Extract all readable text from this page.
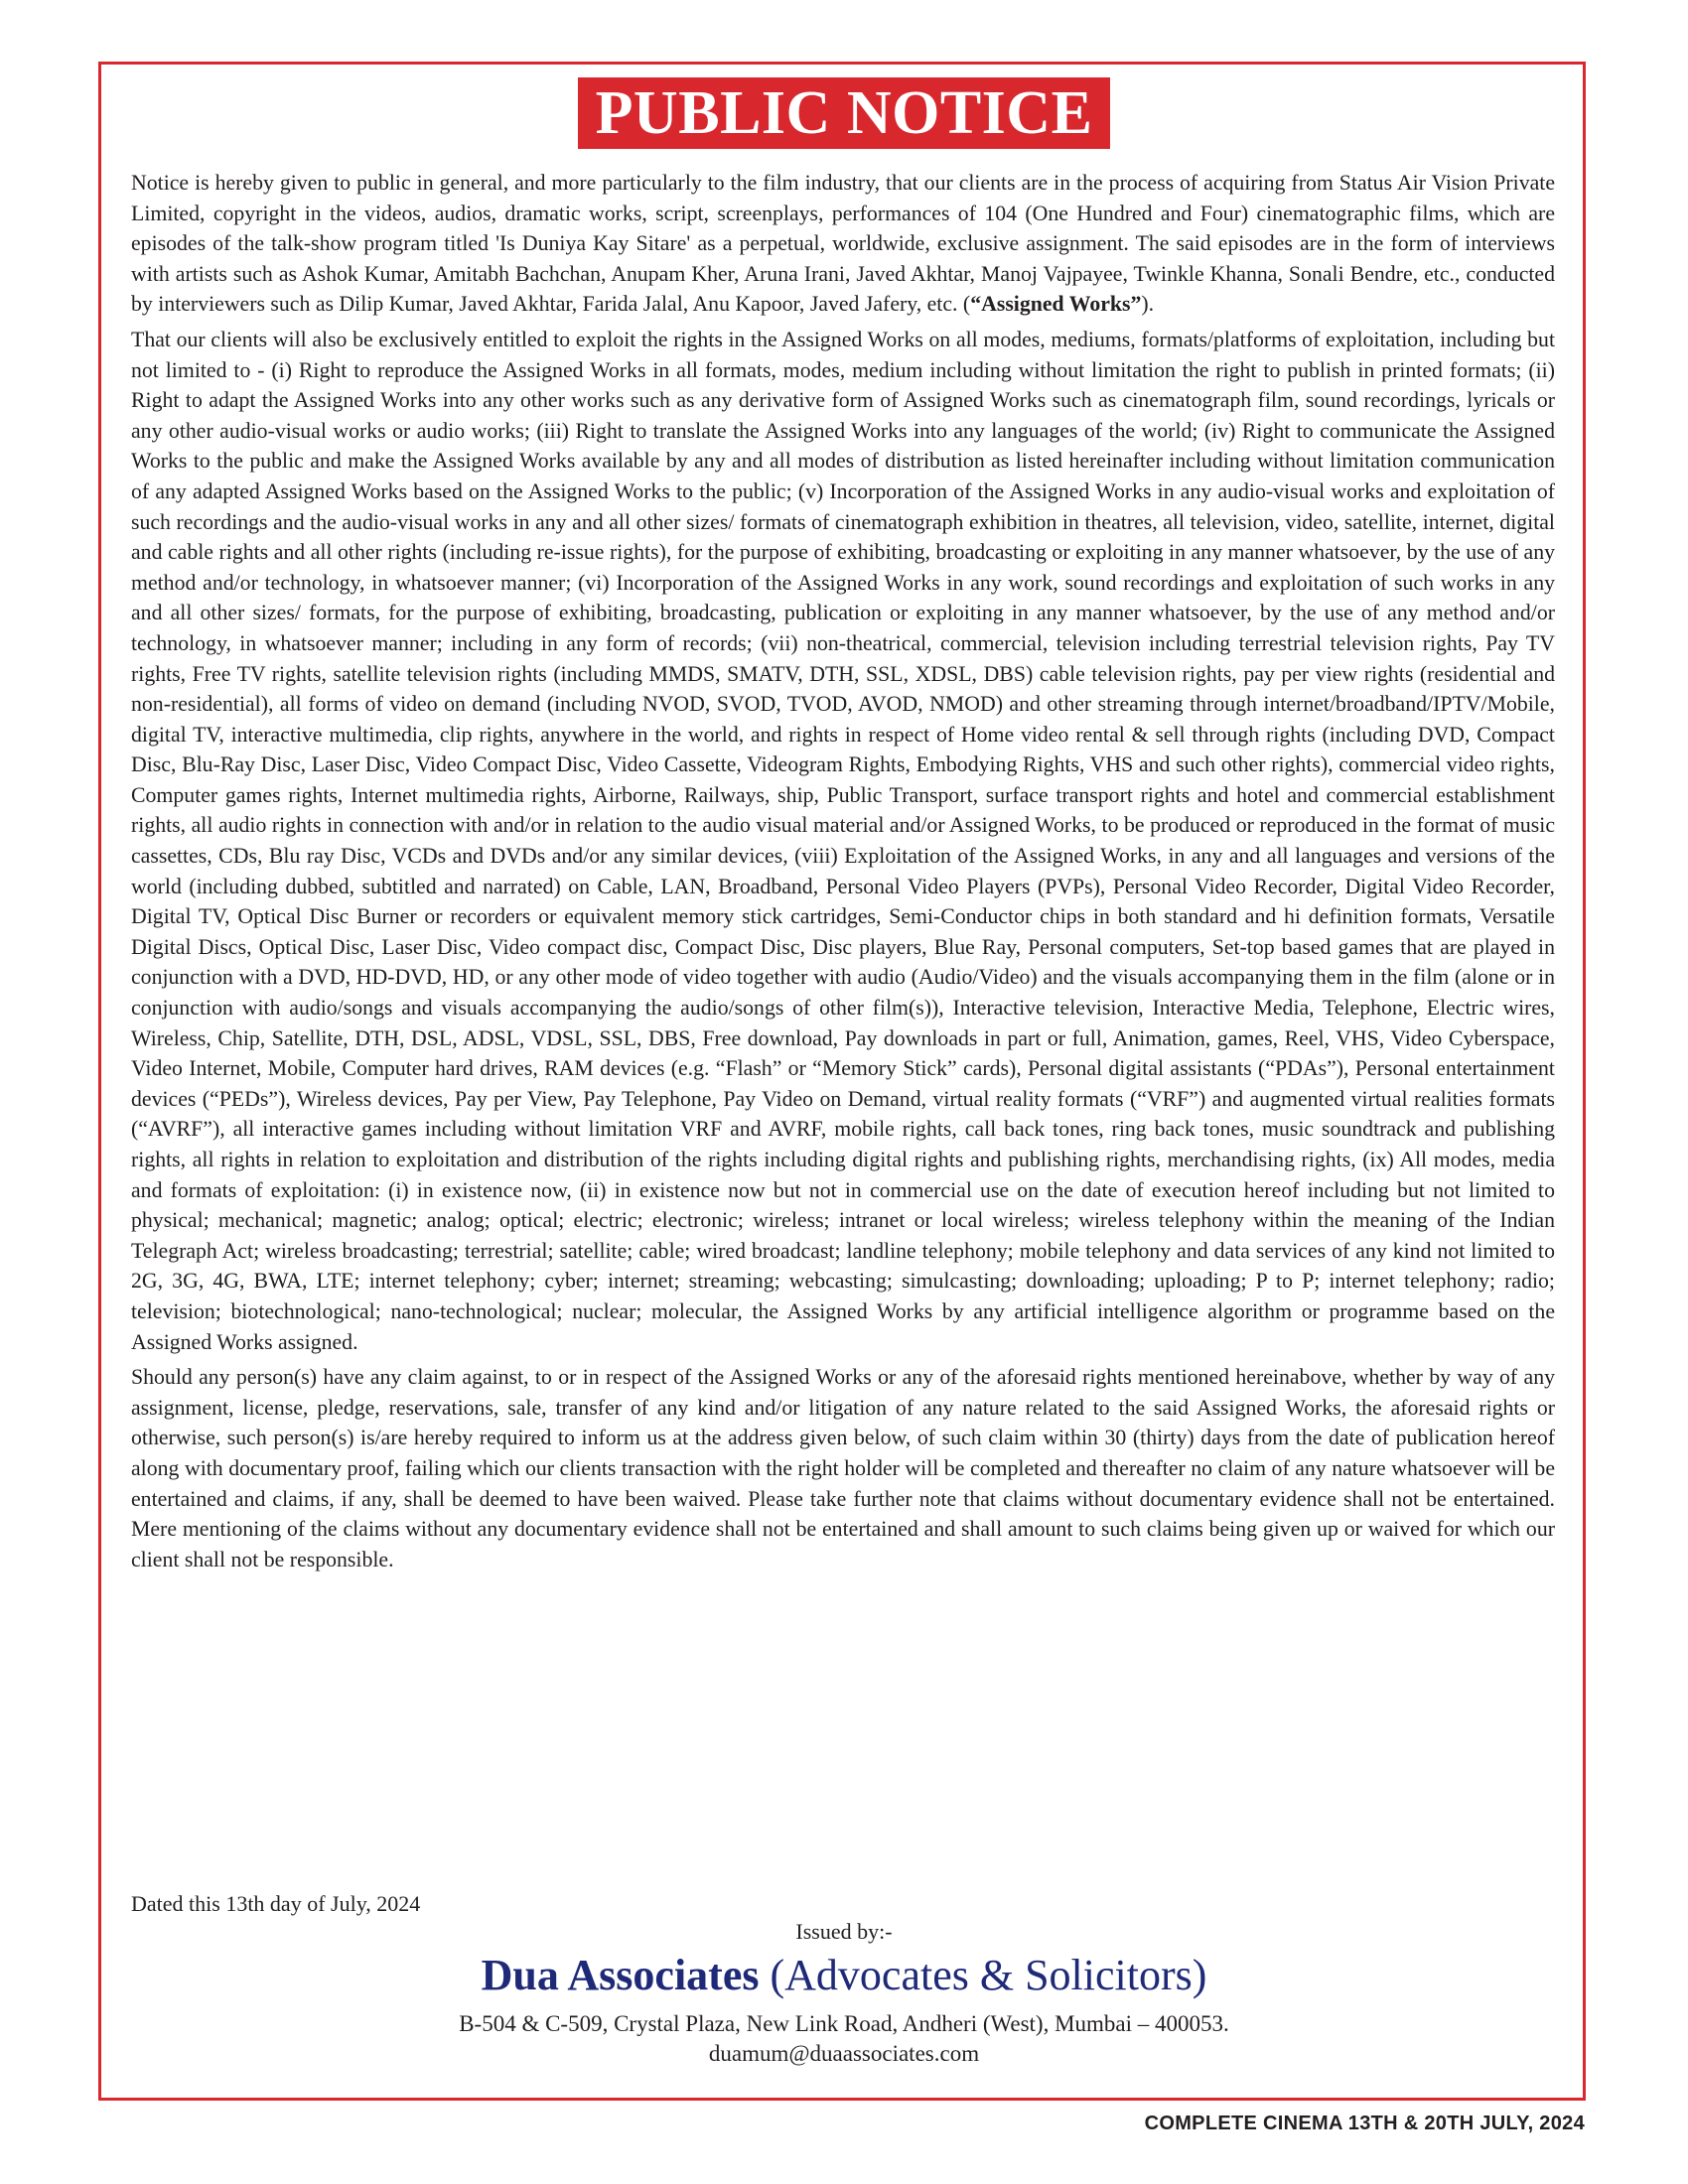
PUBLIC NOTICE

Notice is hereby given to public in general, and more particularly to the film industry, that our clients are in the process of acquiring from Status Air Vision Private Limited, copyright in the videos, audios, dramatic works, script, screenplays, performances of 104 (One Hundred and Four) cinematographic films, which are episodes of the talk-show program titled 'Is Duniya Kay Sitare' as a perpetual, worldwide, exclusive assignment. The said episodes are in the form of interviews with artists such as Ashok Kumar, Amitabh Bachchan, Anupam Kher, Aruna Irani, Javed Akhtar, Manoj Vajpayee, Twinkle Khanna, Sonali Bendre, etc., conducted by interviewers such as Dilip Kumar, Javed Akhtar, Farida Jalal, Anu Kapoor, Javed Jafery, etc. (“Assigned Works”).

That our clients will also be exclusively entitled to exploit the rights in the Assigned Works on all modes, mediums, formats/platforms of exploitation, including but not limited to - (i) Right to reproduce the Assigned Works in all formats, modes, medium including without limitation the right to publish in printed formats; (ii) Right to adapt the Assigned Works into any other works such as any derivative form of Assigned Works such as cinematograph film, sound recordings, lyricals or any other audio-visual works or audio works; (iii) Right to translate the Assigned Works into any languages of the world; (iv) Right to communicate the Assigned Works to the public and make the Assigned Works available by any and all modes of distribution as listed hereinafter including without limitation communication of any adapted Assigned Works based on the Assigned Works to the public; (v) Incorporation of the Assigned Works in any audio-visual works and exploitation of such recordings and the audio-visual works in any and all other sizes/ formats of cinematograph exhibition in theatres, all television, video, satellite, internet, digital and cable rights and all other rights (including re-issue rights), for the purpose of exhibiting, broadcasting or exploiting in any manner whatsoever, by the use of any method and/or technology, in whatsoever manner; (vi) Incorporation of the Assigned Works in any work, sound recordings and exploitation of such works in any and all other sizes/ formats, for the purpose of exhibiting, broadcasting, publication or exploiting in any manner whatsoever, by the use of any method and/or technology, in whatsoever manner; including in any form of records; (vii) non-theatrical, commercial, television including terrestrial television rights, Pay TV rights, Free TV rights, satellite television rights (including MMDS, SMATV, DTH, SSL, XDSL, DBS) cable television rights, pay per view rights (residential and non-residential), all forms of video on demand (including NVOD, SVOD, TVOD, AVOD, NMOD) and other streaming through internet/broadband/IPTV/Mobile, digital TV, interactive multimedia, clip rights, anywhere in the world, and rights in respect of Home video rental & sell through rights (including DVD, Compact Disc, Blu-Ray Disc, Laser Disc, Video Compact Disc, Video Cassette, Videogram Rights, Embodying Rights, VHS and such other rights), commercial video rights, Computer games rights, Internet multimedia rights, Airborne, Railways, ship, Public Transport, surface transport rights and hotel and commercial establishment rights, all audio rights in connection with and/or in relation to the audio visual material and/or Assigned Works, to be produced or reproduced in the format of music cassettes, CDs, Blu ray Disc, VCDs and DVDs and/or any similar devices, (viii) Exploitation of the Assigned Works, in any and all languages and versions of the world (including dubbed, subtitled and narrated) on Cable, LAN, Broadband, Personal Video Players (PVPs), Personal Video Recorder, Digital Video Recorder, Digital TV, Optical Disc Burner or recorders or equivalent memory stick cartridges, Semi-Conductor chips in both standard and hi definition formats, Versatile Digital Discs, Optical Disc, Laser Disc, Video compact disc, Compact Disc, Disc players, Blue Ray, Personal computers, Set-top based games that are played in conjunction with a DVD, HD-DVD, HD, or any other mode of video together with audio (Audio/Video) and the visuals accompanying them in the film (alone or in conjunction with audio/songs and visuals accompanying the audio/songs of other film(s)), Interactive television, Interactive Media, Telephone, Electric wires, Wireless, Chip, Satellite, DTH, DSL, ADSL, VDSL, SSL, DBS, Free download, Pay downloads in part or full, Animation, games, Reel, VHS, Video Cyberspace, Video Internet, Mobile, Computer hard drives, RAM devices (e.g. “Flash” or “Memory Stick” cards), Personal digital assistants (“PDAs”), Personal entertainment devices (“PEDs”), Wireless devices, Pay per View, Pay Telephone, Pay Video on Demand, virtual reality formats (“VRF”) and augmented virtual realities formats (“AVRF”), all interactive games including without limitation VRF and AVRF, mobile rights, call back tones, ring back tones, music soundtrack and publishing rights, all rights in relation to exploitation and distribution of the rights including digital rights and publishing rights, merchandising rights, (ix) All modes, media and formats of exploitation: (i) in existence now, (ii) in existence now but not in commercial use on the date of execution hereof including but not limited to physical; mechanical; magnetic; analog; optical; electric; electronic; wireless; intranet or local wireless; wireless telephony within the meaning of the Indian Telegraph Act; wireless broadcasting; terrestrial; satellite; cable; wired broadcast; landline telephony; mobile telephony and data services of any kind not limited to 2G, 3G, 4G, BWA, LTE; internet telephony; cyber; internet; streaming; webcasting; simulcasting; downloading; uploading; P to P; internet telephony; radio; television; biotechnological; nano-technological; nuclear; molecular, the Assigned Works by any artificial intelligence algorithm or programme based on the Assigned Works assigned.

Should any person(s) have any claim against, to or in respect of the Assigned Works or any of the aforesaid rights mentioned hereinabove, whether by way of any assignment, license, pledge, reservations, sale, transfer of any kind and/or litigation of any nature related to the said Assigned Works, the aforesaid rights or otherwise, such person(s) is/are hereby required to inform us at the address given below, of such claim within 30 (thirty) days from the date of publication hereof along with documentary proof, failing which our clients transaction with the right holder will be completed and thereafter no claim of any nature whatsoever will be entertained and claims, if any, shall be deemed to have been waived. Please take further note that claims without documentary evidence shall not be entertained. Mere mentioning of the claims without any documentary evidence shall not be entertained and shall amount to such claims being given up or waived for which our client shall not be responsible.

Dated this 13th day of July, 2024
Issued by:-
Dua Associates (Advocates & Solicitors)
B-504 & C-509, Crystal Plaza, New Link Road, Andheri (West), Mumbai – 400053.
duamum@duaassociates.com
COMPLETE CINEMA 13TH & 20TH JULY, 2024
